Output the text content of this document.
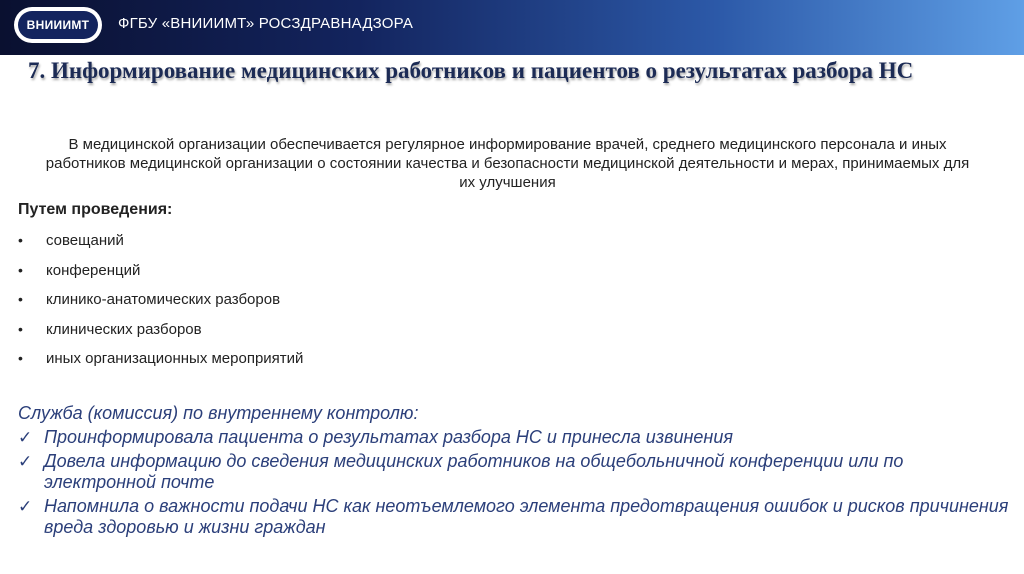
ВНИИИМТ	ФГБУ «ВНИИИМТ» РОСЗДРАВНАДЗОРА
7. Информирование медицинских работников и пациентов о результатах разбора НС

В медицинской организации обеспечивается регулярное информирование врачей, среднего медицинского персонала и иных работников медицинской организации о состоянии качества и безопасности медицинской деятельности и мерах, принимаемых для их улучшения

Путем проведения:

•	совещаний
•	конференций
•	клинико-анатомических разборов
•	клинических разборов
•	иных организационных мероприятий

Служба (комиссия) по внутреннему контролю:

✓ Проинформировала пациента о результатах разбора НС и принесла извинения
✓ Довела информацию до сведения медицинских работников на общебольничной конференции или по электронной почте
✓ Напомнила о важности подачи НС как неотъемлемого элемента предотвращения ошибок и рисков причинения вреда здоровью и жизни граждан
